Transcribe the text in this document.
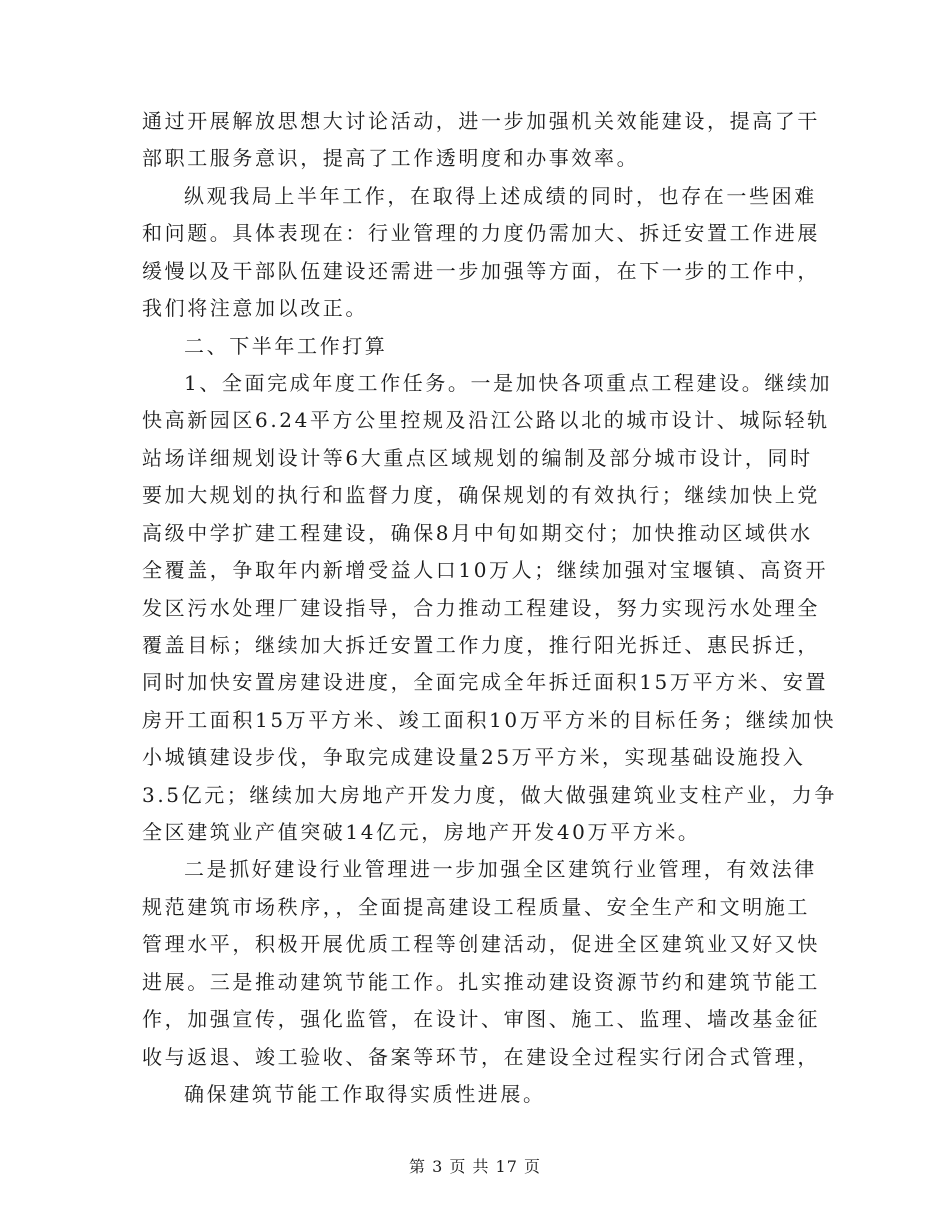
通过开展解放思想大讨论活动，进一步加强机关效能建设，提高了干
部职工服务意识，提高了工作透明度和办事效率。
纵观我局上半年工作，在取得上述成绩的同时，也存在一些困难
和问题。具体表现在：行业管理的力度仍需加大、拆迁安置工作进展
缓慢以及干部队伍建设还需进一步加强等方面，在下一步的工作中，
我们将注意加以改正。
二、下半年工作打算
1、全面完成年度工作任务。一是加快各项重点工程建设。继续加
快高新园区6.24平方公里控规及沿江公路以北的城市设计、城际轻轨
站场详细规划设计等6大重点区域规划的编制及部分城市设计，同时
要加大规划的执行和监督力度，确保规划的有效执行；继续加快上党
高级中学扩建工程建设，确保8月中旬如期交付；加快推动区域供水
全覆盖，争取年内新增受益人口10万人；继续加强对宝堰镇、高资开
发区污水处理厂建设指导，合力推动工程建设，努力实现污水处理全
覆盖目标；继续加大拆迁安置工作力度，推行阳光拆迁、惠民拆迁，
同时加快安置房建设进度，全面完成全年拆迁面积15万平方米、安置
房开工面积15万平方米、竣工面积10万平方米的目标任务；继续加快
小城镇建设步伐，争取完成建设量25万平方米，实现基础设施投入
3.5亿元；继续加大房地产开发力度，做大做强建筑业支柱产业，力争
全区建筑业产值突破14亿元，房地产开发40万平方米。
二是抓好建设行业管理进一步加强全区建筑行业管理，有效法律
规范建筑市场秩序，，全面提高建设工程质量、安全生产和文明施工
管理水平，积极开展优质工程等创建活动，促进全区建筑业又好又快
进展。三是推动建筑节能工作。扎实推动建设资源节约和建筑节能工
作，加强宣传，强化监管，在设计、审图、施工、监理、墙改基金征
收与返退、竣工验收、备案等环节，在建设全过程实行闭合式管理，
确保建筑节能工作取得实质性进展。
第 3 页 共 17 页
